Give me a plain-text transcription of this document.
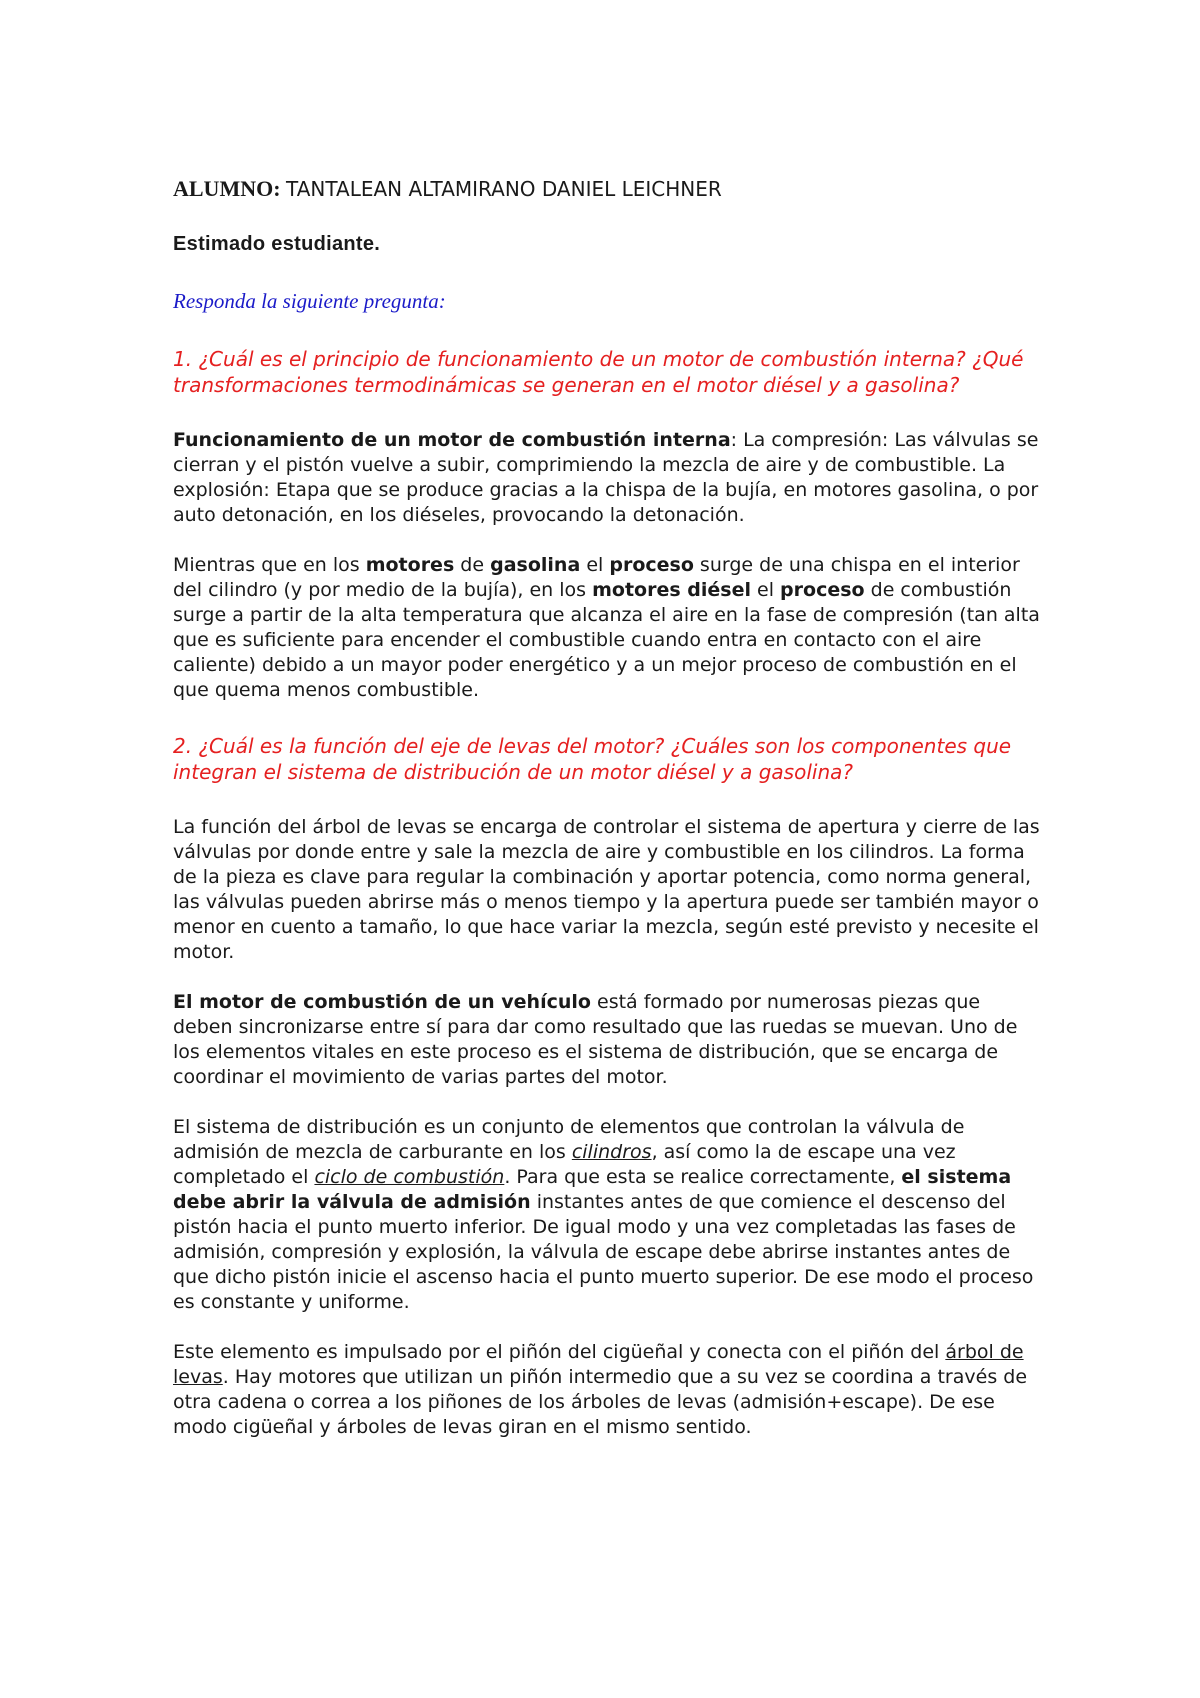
ALUMNO: TANTALEAN ALTAMIRANO DANIEL LEICHNER
Estimado estudiante.
Responda la siguiente pregunta:
1. ¿Cuál es el principio de funcionamiento de un motor de combustión interna? ¿Qué transformaciones termodinámicas se generan en el motor diésel y a gasolina?

Funcionamiento de un motor de combustión interna: La compresión: Las válvulas se cierran y el pistón vuelve a subir, comprimiendo la mezcla de aire y de combustible. La explosión: Etapa que se produce gracias a la chispa de la bujía, en motores gasolina, o por auto detonación, en los diéseles, provocando la detonación.

Mientras que en los motores de gasolina el proceso surge de una chispa en el interior del cilindro (y por medio de la bujía), en los motores diésel el proceso de combustión surge a partir de la alta temperatura que alcanza el aire en la fase de compresión (tan alta que es suficiente para encender el combustible cuando entra en contacto con el aire caliente) debido a un mayor poder energético y a un mejor proceso de combustión en el que quema menos combustible.

2. ¿Cuál es la función del eje de levas del motor? ¿Cuáles son los componentes que integran el sistema de distribución de un motor diésel y a gasolina?

La función del árbol de levas se encarga de controlar el sistema de apertura y cierre de las válvulas por donde entre y sale la mezcla de aire y combustible en los cilindros. La forma de la pieza es clave para regular la combinación y aportar potencia, como norma general, las válvulas pueden abrirse más o menos tiempo y la apertura puede ser también mayor o menor en cuento a tamaño, lo que hace variar la mezcla, según esté previsto y necesite el motor.

El motor de combustión de un vehículo está formado por numerosas piezas que deben sincronizarse entre sí para dar como resultado que las ruedas se muevan. Uno de los elementos vitales en este proceso es el sistema de distribución, que se encarga de coordinar el movimiento de varias partes del motor.

El sistema de distribución es un conjunto de elementos que controlan la válvula de admisión de mezcla de carburante en los cilindros, así como la de escape una vez completado el ciclo de combustión. Para que esta se realice correctamente, el sistema debe abrir la válvula de admisión instantes antes de que comience el descenso del pistón hacia el punto muerto inferior. De igual modo y una vez completadas las fases de admisión, compresión y explosión, la válvula de escape debe abrirse instantes antes de que dicho pistón inicie el ascenso hacia el punto muerto superior. De ese modo el proceso es constante y uniforme.

Este elemento es impulsado por el piñón del cigüeñal y conecta con el piñón del árbol de levas. Hay motores que utilizan un piñón intermedio que a su vez se coordina a través de otra cadena o correa a los piñones de los árboles de levas (admisión+escape). De ese modo cigüeñal y árboles de levas giran en el mismo sentido.
